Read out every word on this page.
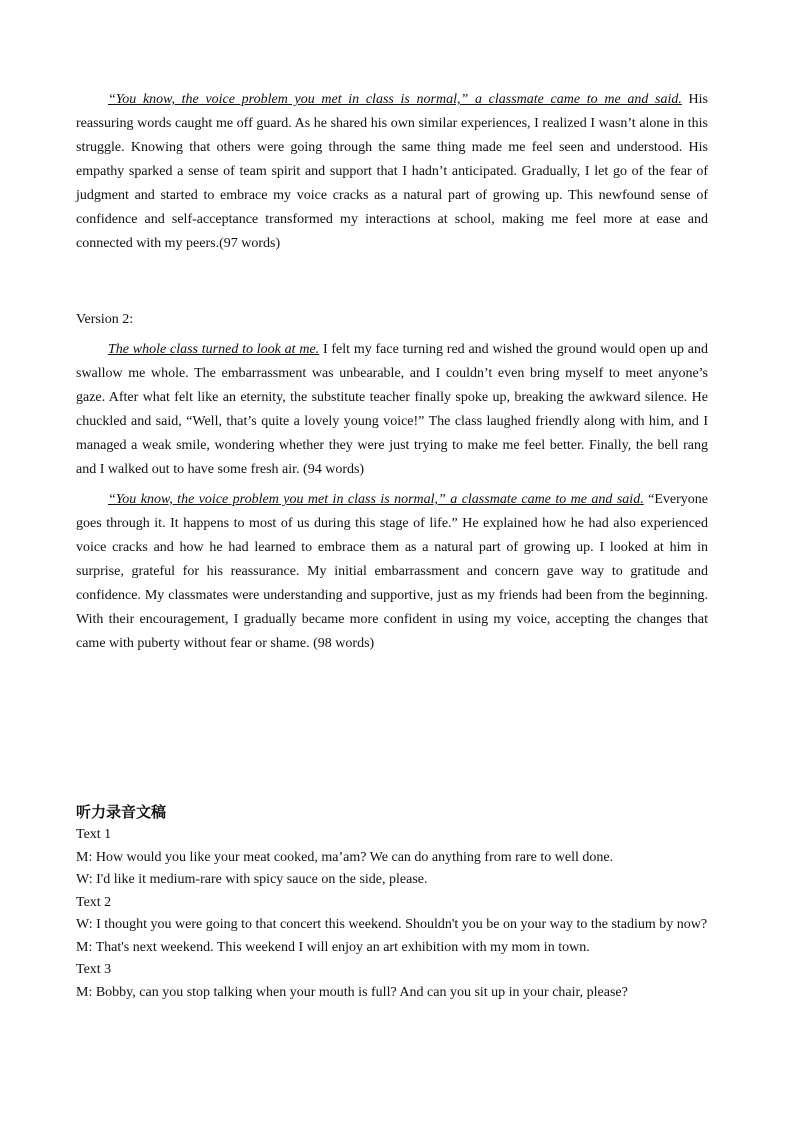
“You know, the voice problem you met in class is normal,” a classmate came to me and said. His reassuring words caught me off guard. As he shared his own similar experiences, I realized I wasn’t alone in this struggle. Knowing that others were going through the same thing made me feel seen and understood. His empathy sparked a sense of team spirit and support that I hadn’t anticipated. Gradually, I let go of the fear of judgment and started to embrace my voice cracks as a natural part of growing up. This newfound sense of confidence and self-acceptance transformed my interactions at school, making me feel more at ease and connected with my peers.(97 words)

Version 2:

The whole class turned to look at me. I felt my face turning red and wished the ground would open up and swallow me whole. The embarrassment was unbearable, and I couldn’t even bring myself to meet anyone’s gaze. After what felt like an eternity, the substitute teacher finally spoke up, breaking the awkward silence. He chuckled and said, “Well, that’s quite a lovely young voice!” The class laughed friendly along with him, and I managed a weak smile, wondering whether they were just trying to make me feel better. Finally, the bell rang and I walked out to have some fresh air. (94 words)

“You know, the voice problem you met in class is normal,” a classmate came to me and said. “Everyone goes through it. It happens to most of us during this stage of life.” He explained how he had also experienced voice cracks and how he had learned to embrace them as a natural part of growing up. I looked at him in surprise, grateful for his reassurance. My initial embarrassment and concern gave way to gratitude and confidence. My classmates were understanding and supportive, just as my friends had been from the beginning. With their encouragement, I gradually became more confident in using my voice, accepting the changes that came with puberty without fear or shame. (98 words)

听力录音文稿

Text 1

M: How would you like your meat cooked, ma’am? We can do anything from rare to well done.

W: I'd like it medium-rare with spicy sauce on the side, please.

Text 2

W: I thought you were going to that concert this weekend. Shouldn't you be on your way to the stadium by now?

M: That's next weekend. This weekend I will enjoy an art exhibition with my mom in town.

Text 3

M: Bobby, can you stop talking when your mouth is full? And can you sit up in your chair, please?
